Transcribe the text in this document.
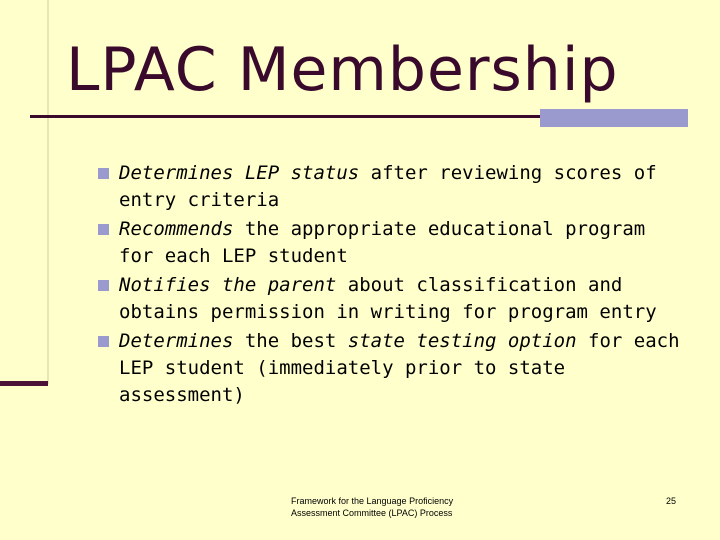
LPAC Membership
Determines LEP status after reviewing scores of entry criteria
Recommends the appropriate educational program for each LEP student
Notifies the parent about classification and obtains permission in writing for program entry
Determines the best state testing option for each LEP student (immediately prior to state assessment)
Framework for the Language Proficiency
Assessment Committee (LPAC) Process
25
